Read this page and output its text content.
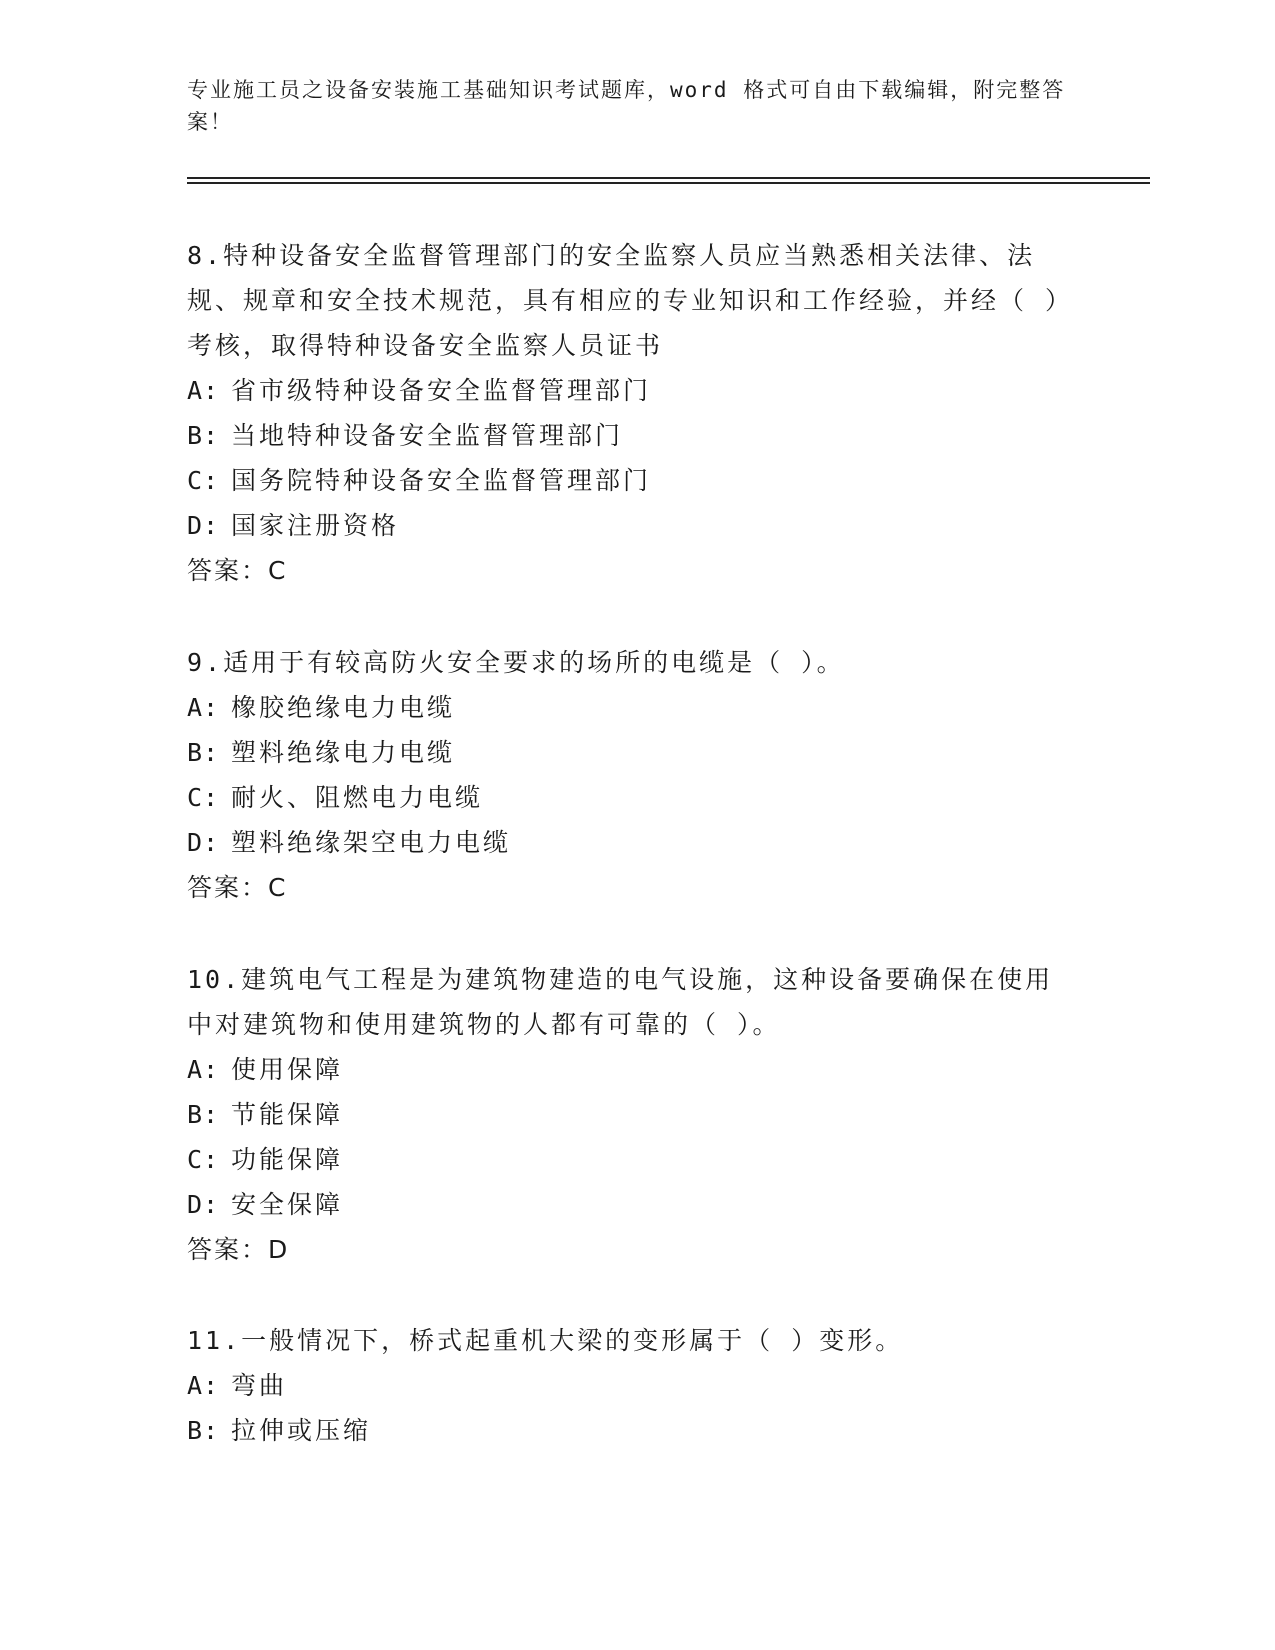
专业施工员之设备安装施工基础知识考试题库，word 格式可自由下载编辑，附完整答案！

8.特种设备安全监督管理部门的安全监察人员应当熟悉相关法律、法规、规章和安全技术规范，具有相应的专业知识和工作经验，并经（ ）考核，取得特种设备安全监察人员证书

A: 省市级特种设备安全监督管理部门

B: 当地特种设备安全监督管理部门

C: 国务院特种设备安全监督管理部门

D: 国家注册资格

答案：C

9.适用于有较高防火安全要求的场所的电缆是（ ）。

A: 橡胶绝缘电力电缆

B: 塑料绝缘电力电缆

C: 耐火、阻燃电力电缆

D: 塑料绝缘架空电力电缆

答案：C

10.建筑电气工程是为建筑物建造的电气设施，这种设备要确保在使用中对建筑物和使用建筑物的人都有可靠的（ ）。

A: 使用保障

B: 节能保障

C: 功能保障

D: 安全保障

答案：D

11.一般情况下，桥式起重机大梁的变形属于（ ）变形。

A: 弯曲

B: 拉伸或压缩
